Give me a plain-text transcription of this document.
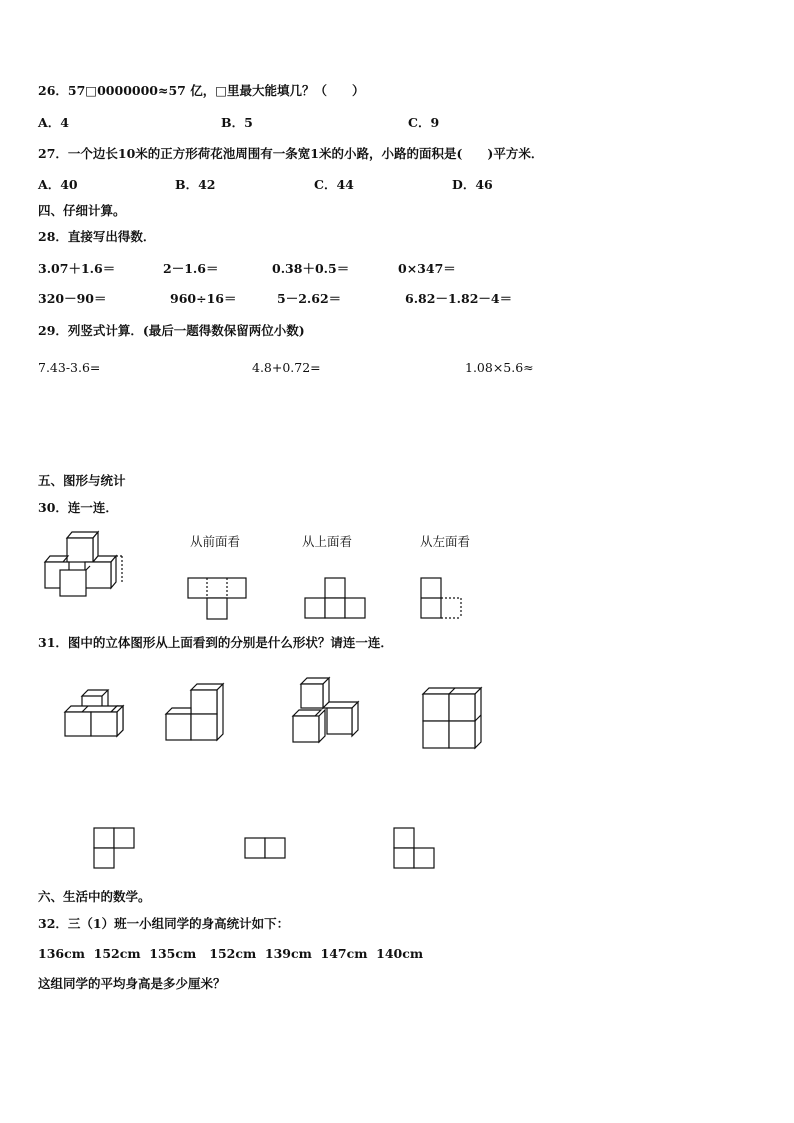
26．57□0000000≈57 亿，□里最大能填几？（　　）
A．4	B．5	C．9
27．一个边长10米的正方形荷花池周围有一条宽1米的小路，小路的面积是(　　)平方米．
A．40	B．42	C．44	D．46
四、仔细计算。
28．直接写出得数．
3.07＋1.6＝	2－1.6＝	0.38＋0.5＝	0×347＝
320－90＝	960÷16＝	5－2.62＝	6.82－1.82－4＝
29．列竖式计算．(最后一题得数保留两位小数)
7.43-3.6=	4.8+0.72=	1.08×5.6≈
五、图形与统计
30．连一连．
从前面看	从上面看	从左面看
31．图中的立体图形从上面看到的分别是什么形状？请连一连．
六、生活中的数学。
32．三（1）班一小组同学的身高统计如下：
136cm  152cm  135cm   152cm  139cm  147cm  140cm
这组同学的平均身高是多少厘米？
